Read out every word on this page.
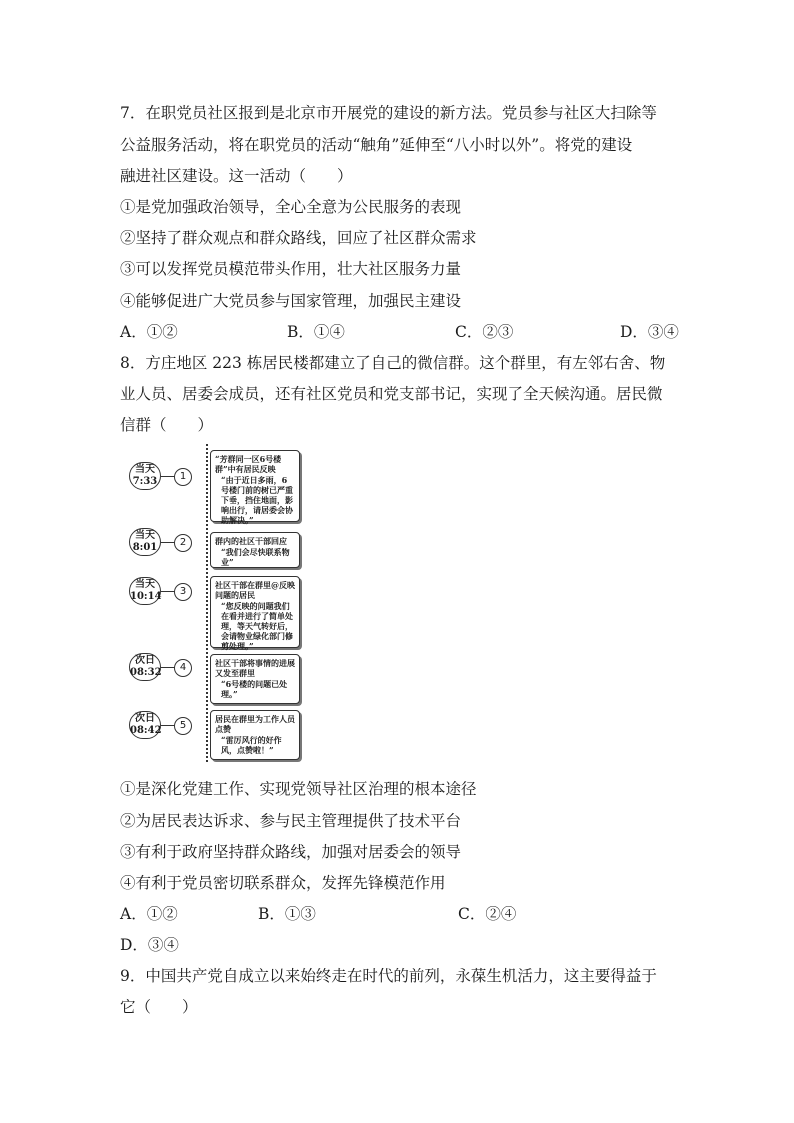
7．在职党员社区报到是北京市开展党的建设的新方法。党员参与社区大扫除等
公益服务活动，将在职党员的活动“触角”延伸至“八小时以外”。将党的建设
融进社区建设。这一活动（　　）
①是党加强政治领导，全心全意为公民服务的表现
②坚持了群众观点和群众路线，回应了社区群众需求
③可以发挥党员模范带头作用，壮大社区服务力量
④能够促进广大党员参与国家管理，加强民主建设
A．①②	B．①④	C．②③	D．③④
8．方庄地区 223 栋居民楼都建立了自己的微信群。这个群里，有左邻右舍、物
业人员、居委会成员，还有社区党员和党支部书记，实现了全天候沟通。居民微
信群（　　）
当天
7:33	1
“芳群同一区6号楼群”中有居民反映
“由于近日多雨，6号楼门前的树已严重下垂，挡住地面，影响出行，请居委会协助解决。”
当天
8:01	2	群内的社区干部回应
“我们会尽快联系物业”
当天
10:14	3
社区干部在群里@反映问题的居民
“您反映的问题我们在看并进行了简单处理，等天气转好后，会请物业绿化部门修剪处理。”
次日
08:32	4	社区干部将事情的进展又发至群里
“6号楼的问题已处理。”
次日
08:42	5
居民在群里为工作人员点赞
“雷厉风行的好作风，点赞啦！”
①是深化党建工作、实现党领导社区治理的根本途径
②为居民表达诉求、参与民主管理提供了技术平台
③有利于政府坚持群众路线，加强对居委会的领导
④有利于党员密切联系群众，发挥先锋模范作用
A．①②	B．①③	C．②④
D．③④
9．中国共产党自成立以来始终走在时代的前列，永葆生机活力，这主要得益于
它（　　）
